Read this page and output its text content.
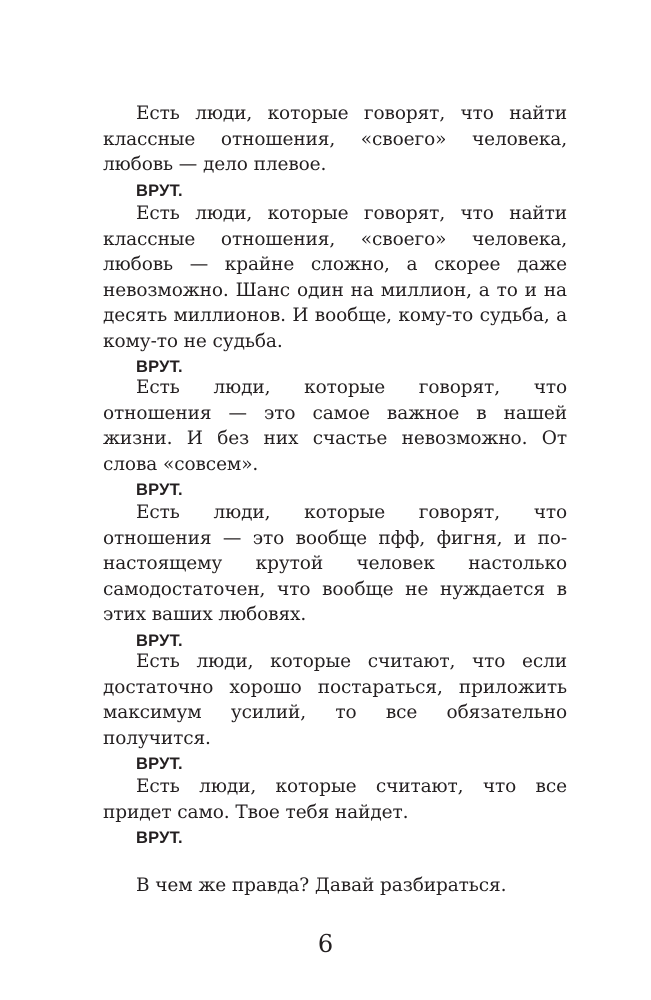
Есть люди, которые говорят, что найти классные отношения, «своего» человека, любовь — дело плевое.

ВРУТ.

Есть люди, которые говорят, что найти классные отношения, «своего» человека, любовь — крайне сложно, а скорее даже невозможно. Шанс один на миллион, а то и на десять миллионов. И вообще, кому-то судьба, а кому-то не судьба.

ВРУТ.

Есть люди, которые говорят, что отношения — это самое важное в нашей жизни. И без них счастье невозможно. От слова «совсем».

ВРУТ.

Есть люди, которые говорят, что отношения — это вообще пфф, фигня, и по-настоящему крутой человек настолько самодостаточен, что вообще не нуждается в этих ваших любовях.

ВРУТ.

Есть люди, которые считают, что если достаточно хорошо постараться, приложить максимум усилий, то все обязательно получится.

ВРУТ.

Есть люди, которые считают, что все придет само. Твое тебя найдет.

ВРУТ.

В чем же правда? Давай разбираться.

6
